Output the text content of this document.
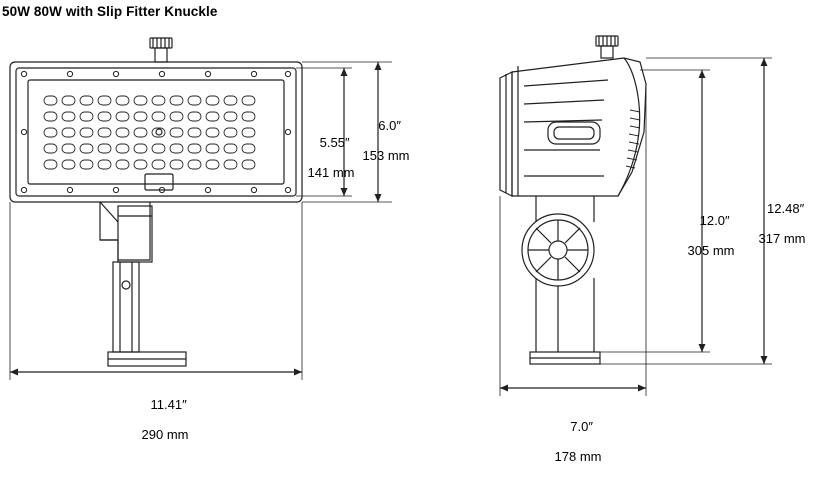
50W 80W with Slip Fitter Knuckle

5.55″

141 mm

6.0″

153 mm

11.41″

290 mm

12.0″

305 mm

12.48″

317 mm

7.0″

178 mm
